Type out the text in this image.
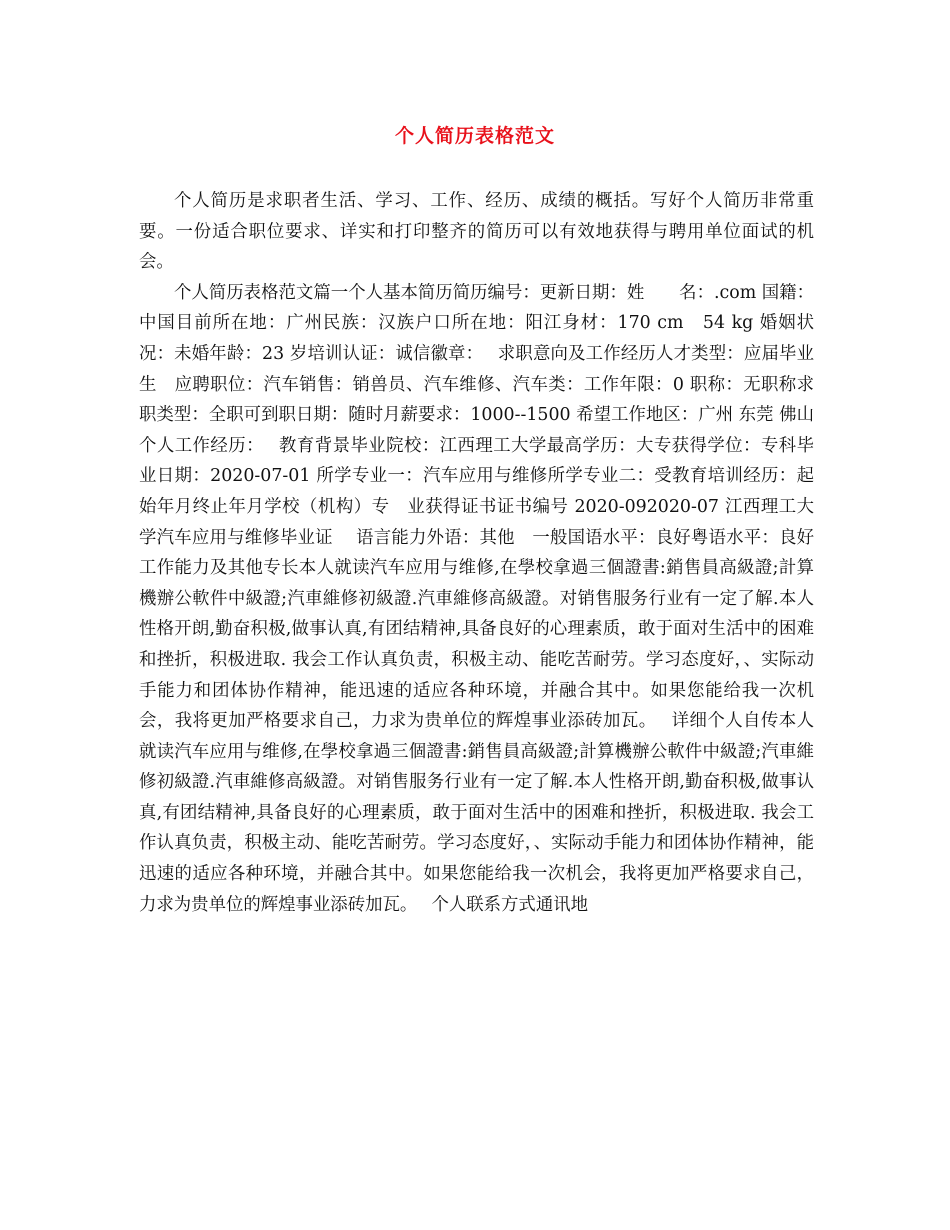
个人简历表格范文

个人简历是求职者生活、学习、工作、经历、成绩的概括。写好个人简历非常重要。一份适合职位要求、详实和打印整齐的简历可以有效地获得与聘用单位面试的机会。

个人简历表格范文篇一个人基本简历简历编号：更新日期：姓　　名：.com 国籍：中国目前所在地：广州民族：汉族户口所在地：阳江身材：170 cm　54 kg 婚姻状况：未婚年龄：23 岁培训认证：诚信徽章：　 求职意向及工作经历人才类型：应届毕业生　应聘职位：汽车销售：销兽员、汽车维修、汽车类：工作年限：0 职称：无职称求职类型：全职可到职日期：随时月薪要求：1000--1500 希望工作地区：广州 东莞 佛山个人工作经历：　 教育背景毕业院校：江西理工大学最高学历：大专获得学位：专科毕业日期：2020-07-01 所学专业一：汽车应用与维修所学专业二：受教育培训经历：起始年月终止年月学校（机构）专　业获得证书证书编号 2020-092020-07 江西理工大学汽车应用与维修毕业证　 语言能力外语：其他　一般国语水平：良好粤语水平：良好　 工作能力及其他专长本人就读汽车应用与维修,在學校拿過三個證書:銷售員高級證;計算機辦公軟件中級證;汽車維修初級證.汽車維修高級證。对销售服务行业有一定了解.本人性格开朗,勤奋积极,做事认真,有团结精神,具备良好的心理素质，敢于面对生活中的困难和挫折，积极进取. 我会工作认真负责，积极主动、能吃苦耐劳。学习态度好，、实际动手能力和团体协作精神，能迅速的适应各种环境，并融合其中。如果您能给我一次机会，我将更加严格要求自己，力求为贵单位的辉煌事业添砖加瓦。　 详细个人自传本人就读汽车应用与维修,在學校拿過三個證書:銷售員高級證;計算機辦公軟件中級證;汽車維修初級證.汽車維修高級證。对销售服务行业有一定了解.本人性格开朗,勤奋积极,做事认真,有团结精神,具备良好的心理素质，敢于面对生活中的困难和挫折，积极进取. 我会工作认真负责，积极主动、能吃苦耐劳。学习态度好，、实际动手能力和团体协作精神，能迅速的适应各种环境，并融合其中。如果您能给我一次机会，我将更加严格要求自己，力求为贵单位的辉煌事业添砖加瓦。　 个人联系方式通讯地
